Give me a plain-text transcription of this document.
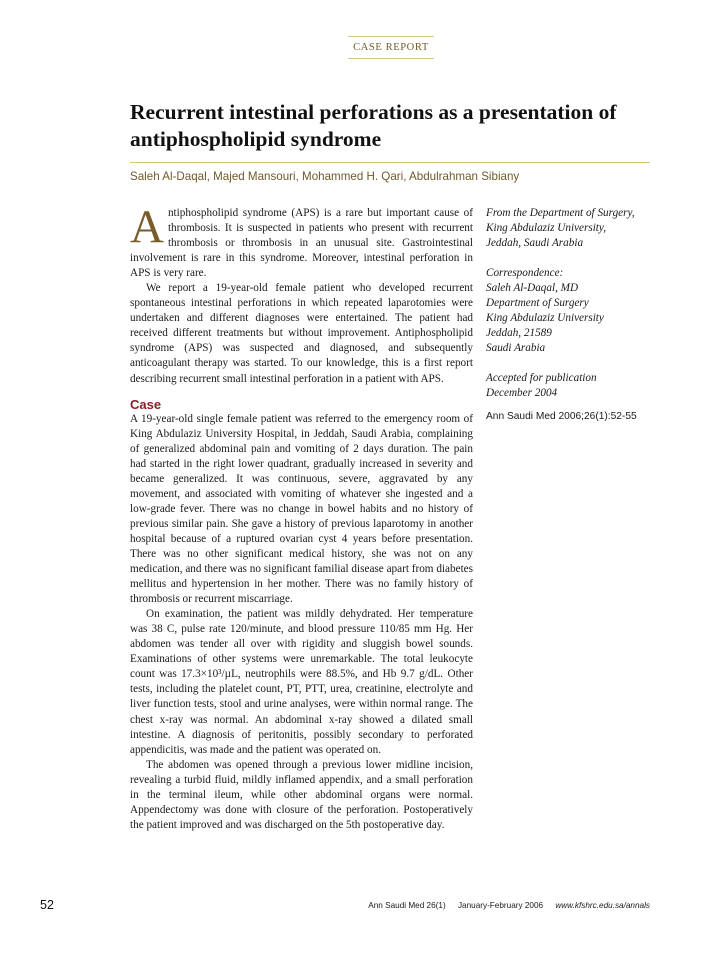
CASE REPORT
Recurrent intestinal perforations as a presentation of antiphospholipid syndrome
Saleh Al-Daqal, Majed Mansouri, Mohammed H. Qari, Abdulrahman Sibiany

Antiphospholipid syndrome (APS) is a rare but important cause of thrombosis. It is suspected in patients who present with recurrent thrombosis or thrombosis in an unusual site. Gastrointestinal involvement is rare in this syndrome. Moreover, intestinal perforation in APS is very rare.

We report a 19-year-old female patient who developed recurrent spontaneous intestinal perforations in which repeated laparotomies were undertaken and different diagnoses were entertained. The patient had received different treatments but without improvement. Antiphospholipid syndrome (APS) was suspected and diagnosed, and subsequently anticoagulant therapy was started. To our knowledge, this is a first report describing recurrent small intestinal perforation in a patient with APS.

Case

A 19-year-old single female patient was referred to the emergency room of King Abdulaziz University Hospital, in Jeddah, Saudi Arabia, complaining of generalized abdominal pain and vomiting of 2 days duration. The pain had started in the right lower quadrant, gradually increased in severity and became generalized. It was continuous, severe, aggravated by any movement, and associated with vomiting of whatever she ingested and a low-grade fever. There was no change in bowel habits and no history of previous similar pain. She gave a history of previous laparotomy in another hospital because of a ruptured ovarian cyst 4 years before presentation. There was no other significant medical history, she was not on any medication, and there was no significant familial disease apart from diabetes mellitus and hypertension in her mother. There was no family history of thrombosis or recurrent miscarriage.

On examination, the patient was mildly dehydrated. Her temperature was 38 C, pulse rate 120/minute, and blood pressure 110/85 mm Hg. Her abdomen was tender all over with rigidity and sluggish bowel sounds. Examinations of other systems were unremarkable. The total leukocyte count was 17.3×10³/µL, neutrophils were 88.5%, and Hb 9.7 g/dL. Other tests, including the platelet count, PT, PTT, urea, creatinine, electrolyte and liver function tests, stool and urine analyses, were within normal range. The chest x-ray was normal. An abdominal x-ray showed a dilated small intestine. A diagnosis of peritonitis, possibly secondary to perforated appendicitis, was made and the patient was operated on.

The abdomen was opened through a previous lower midline incision, revealing a turbid fluid, mildly inflamed appendix, and a small perforation in the terminal ileum, while other abdominal organs were normal. Appendectomy was done with closure of the perforation. Postoperatively the patient improved and was discharged on the 5th postoperative day.

From the Department of Surgery,
King Abdulaziz University,
Jeddah, Saudi Arabia
Correspondence:
Saleh Al-Daqal, MD
Department of Surgery
King Abdulaziz University
Jeddah, 21589
Saudi Arabia
Accepted for publication
December 2004
Ann Saudi Med 2006;26(1):52-55
52	Ann Saudi Med 26(1) January-February 2006 www.kfshrc.edu.sa/annals
